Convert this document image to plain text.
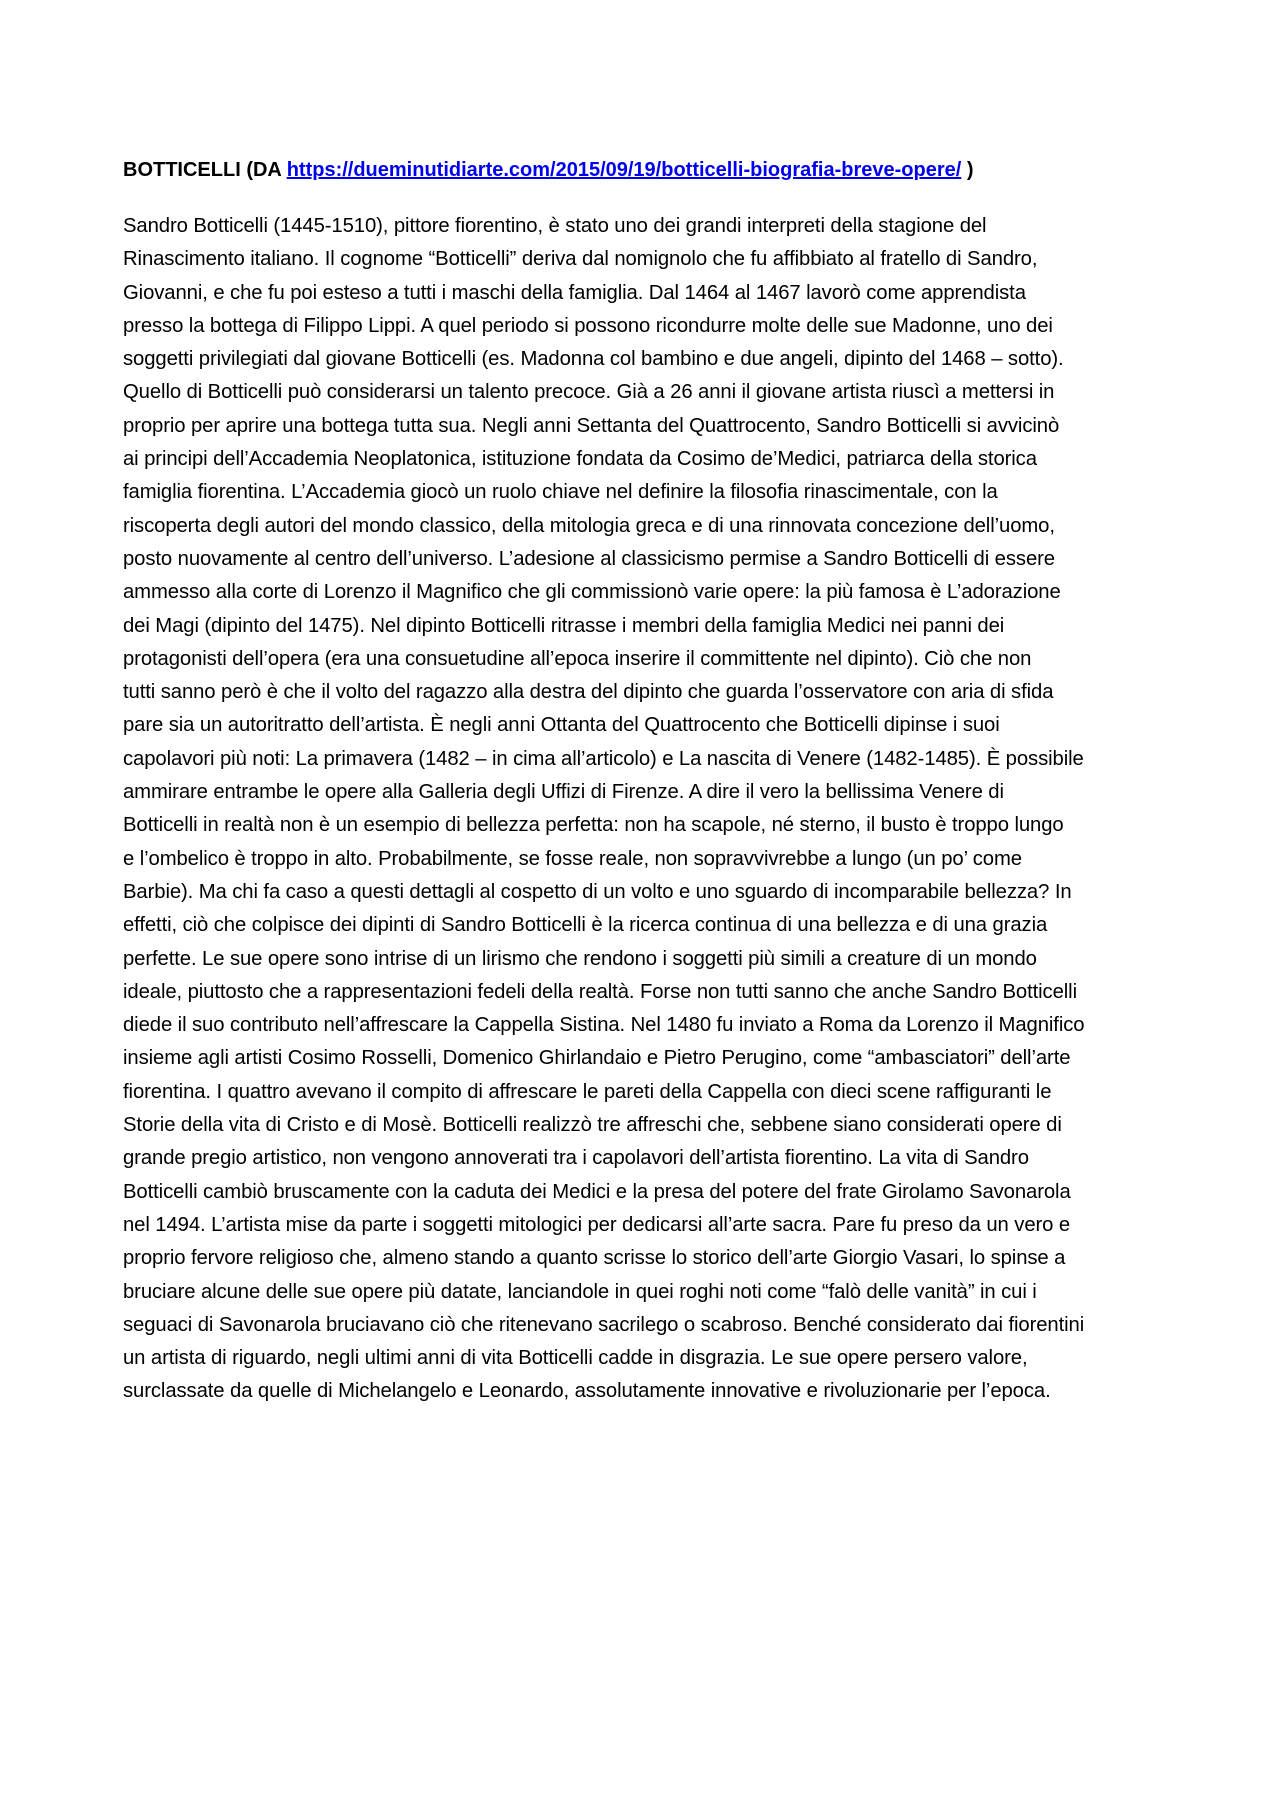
BOTTICELLI (DA https://dueminutidiarte.com/2015/09/19/botticelli-biografia-breve-opere/ )

Sandro Botticelli (1445-1510), pittore fiorentino, è stato uno dei grandi interpreti della stagione del
Rinascimento italiano. Il cognome “Botticelli” deriva dal nomignolo che fu affibbiato al fratello di Sandro,
Giovanni, e che fu poi esteso a tutti i maschi della famiglia. Dal 1464 al 1467 lavorò come apprendista
presso la bottega di Filippo Lippi. A quel periodo si possono ricondurre molte delle sue Madonne, uno dei
soggetti privilegiati dal giovane Botticelli (es. Madonna col bambino e due angeli, dipinto del 1468 – sotto).
Quello di Botticelli può considerarsi un talento precoce. Già a 26 anni il giovane artista riuscì a mettersi in
proprio per aprire una bottega tutta sua. Negli anni Settanta del Quattrocento, Sandro Botticelli si avvicinò
ai principi dell’Accademia Neoplatonica, istituzione fondata da Cosimo de’Medici, patriarca della storica
famiglia fiorentina. L’Accademia giocò un ruolo chiave nel definire la filosofia rinascimentale, con la
riscoperta degli autori del mondo classico, della mitologia greca e di una rinnovata concezione dell’uomo,
posto nuovamente al centro dell’universo. L’adesione al classicismo permise a Sandro Botticelli di essere
ammesso alla corte di Lorenzo il Magnifico che gli commissionò varie opere: la più famosa è L’adorazione
dei Magi (dipinto del 1475). Nel dipinto Botticelli ritrasse i membri della famiglia Medici nei panni dei
protagonisti dell’opera (era una consuetudine all’epoca inserire il committente nel dipinto). Ciò che non
tutti sanno però è che il volto del ragazzo alla destra del dipinto che guarda l’osservatore con aria di sfida
pare sia un autoritratto dell’artista. È negli anni Ottanta del Quattrocento che Botticelli dipinse i suoi
capolavori più noti: La primavera (1482 – in cima all’articolo) e La nascita di Venere (1482-1485). È possibile
ammirare entrambe le opere alla Galleria degli Uffizi di Firenze. A dire il vero la bellissima Venere di
Botticelli in realtà non è un esempio di bellezza perfetta: non ha scapole, né sterno, il busto è troppo lungo
e l’ombelico è troppo in alto. Probabilmente, se fosse reale, non sopravvivrebbe a lungo (un po’ come
Barbie). Ma chi fa caso a questi dettagli al cospetto di un volto e uno sguardo di incomparabile bellezza? In
effetti, ciò che colpisce dei dipinti di Sandro Botticelli è la ricerca continua di una bellezza e di una grazia
perfette. Le sue opere sono intrise di un lirismo che rendono i soggetti più simili a creature di un mondo
ideale, piuttosto che a rappresentazioni fedeli della realtà. Forse non tutti sanno che anche Sandro Botticelli
diede il suo contributo nell’affrescare la Cappella Sistina. Nel 1480 fu inviato a Roma da Lorenzo il Magnifico
insieme agli artisti Cosimo Rosselli, Domenico Ghirlandaio e Pietro Perugino, come “ambasciatori” dell’arte
fiorentina. I quattro avevano il compito di affrescare le pareti della Cappella con dieci scene raffiguranti le
Storie della vita di Cristo e di Mosè. Botticelli realizzò tre affreschi che, sebbene siano considerati opere di
grande pregio artistico, non vengono annoverati tra i capolavori dell’artista fiorentino. La vita di Sandro
Botticelli cambiò bruscamente con la caduta dei Medici e la presa del potere del frate Girolamo Savonarola
nel 1494. L’artista mise da parte i soggetti mitologici per dedicarsi all’arte sacra. Pare fu preso da un vero e
proprio fervore religioso che, almeno stando a quanto scrisse lo storico dell’arte Giorgio Vasari, lo spinse a
bruciare alcune delle sue opere più datate, lanciandole in quei roghi noti come “falò delle vanità” in cui i
seguaci di Savonarola bruciavano ciò che ritenevano sacrilego o scabroso. Benché considerato dai fiorentini
un artista di riguardo, negli ultimi anni di vita Botticelli cadde in disgrazia. Le sue opere persero valore,
surclassate da quelle di Michelangelo e Leonardo, assolutamente innovative e rivoluzionarie per l’epoca.
